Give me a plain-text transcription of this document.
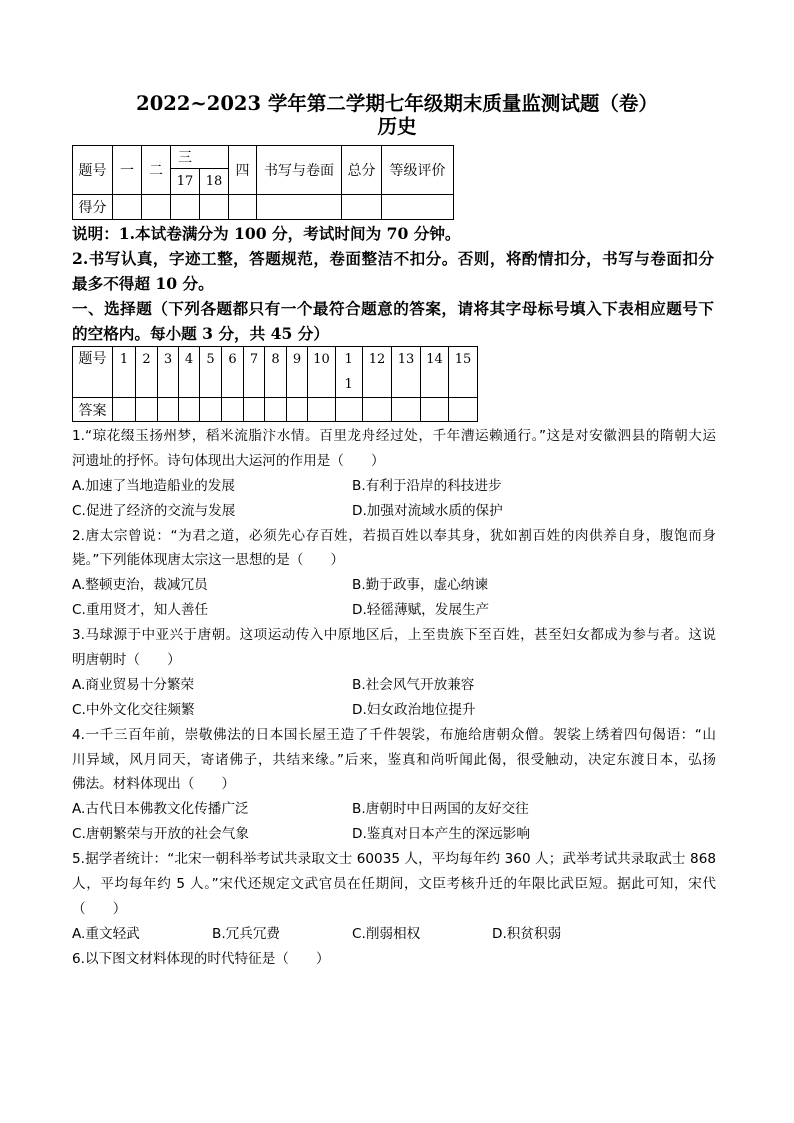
2022~2023 学年第二学期七年级期末质量监测试题（卷）
历史
题号	一	二	三		四	书写与卷面	总分	等级评价
			17	18				
得分								
说明：1.本试卷满分为 100 分，考试时间为 70 分钟。
2.书写认真，字迹工整，答题规范，卷面整洁不扣分。否则，将酌情扣分，书写与卷面扣分
最多不得超 10 分。
一、选择题（下列各题都只有一个最符合题意的答案，请将其字母标号填入下表相应题号下
的空格内。每小题 3 分，共 45 分）
题号	1	2	3	4	5	6	7	8	9	10	11	12	13	14	15
答案															
1.“琼花缀玉扬州梦，稻米流脂汴水情。百里龙舟经过处，千年漕运赖通行。”这是对安徽泗县的隋朝大运
河遗址的抒怀。诗句体现出大运河的作用是（　　）
A.加速了当地造船业的发展	B.有利于沿岸的科技进步
C.促进了经济的交流与发展	D.加强对流域水质的保护
2.唐太宗曾说：“为君之道，必须先心存百姓，若损百姓以奉其身，犹如割百姓的肉供养自身，腹饱而身
毙。”下列能体现唐太宗这一思想的是（　　）
A.整顿吏治，裁减冗员	B.勤于政事，虚心纳谏
C.重用贤才，知人善任	D.轻徭薄赋，发展生产
3.马球源于中亚兴于唐朝。这项运动传入中原地区后，上至贵族下至百姓，甚至妇女都成为参与者。这说
明唐朝时（　　）
A.商业贸易十分繁荣	B.社会风气开放兼容
C.中外文化交往频繁	D.妇女政治地位提升
4.一千三百年前，崇敬佛法的日本国长屋王造了千件袈裟，布施给唐朝众僧。袈裟上绣着四句偈语：“山
川异域，风月同天，寄诸佛子，共结来缘。”后来，鉴真和尚听闻此偈，很受触动，决定东渡日本，弘扬
佛法。材料体现出（　　）
A.古代日本佛教文化传播广泛	B.唐朝时中日两国的友好交往
C.唐朝繁荣与开放的社会气象	D.鉴真对日本产生的深远影响
5.据学者统计：“北宋一朝科举考试共录取文士 60035 人，平均每年约 360 人；武举考试共录取武士 868
人，平均每年约 5 人。”宋代还规定文武官员在任期间，文臣考核升迁的年限比武臣短。据此可知，宋代
（　　）
A.重文轻武	B.冗兵冗费	C.削弱相权	D.积贫积弱
6.以下图文材料体现的时代特征是（　　）
